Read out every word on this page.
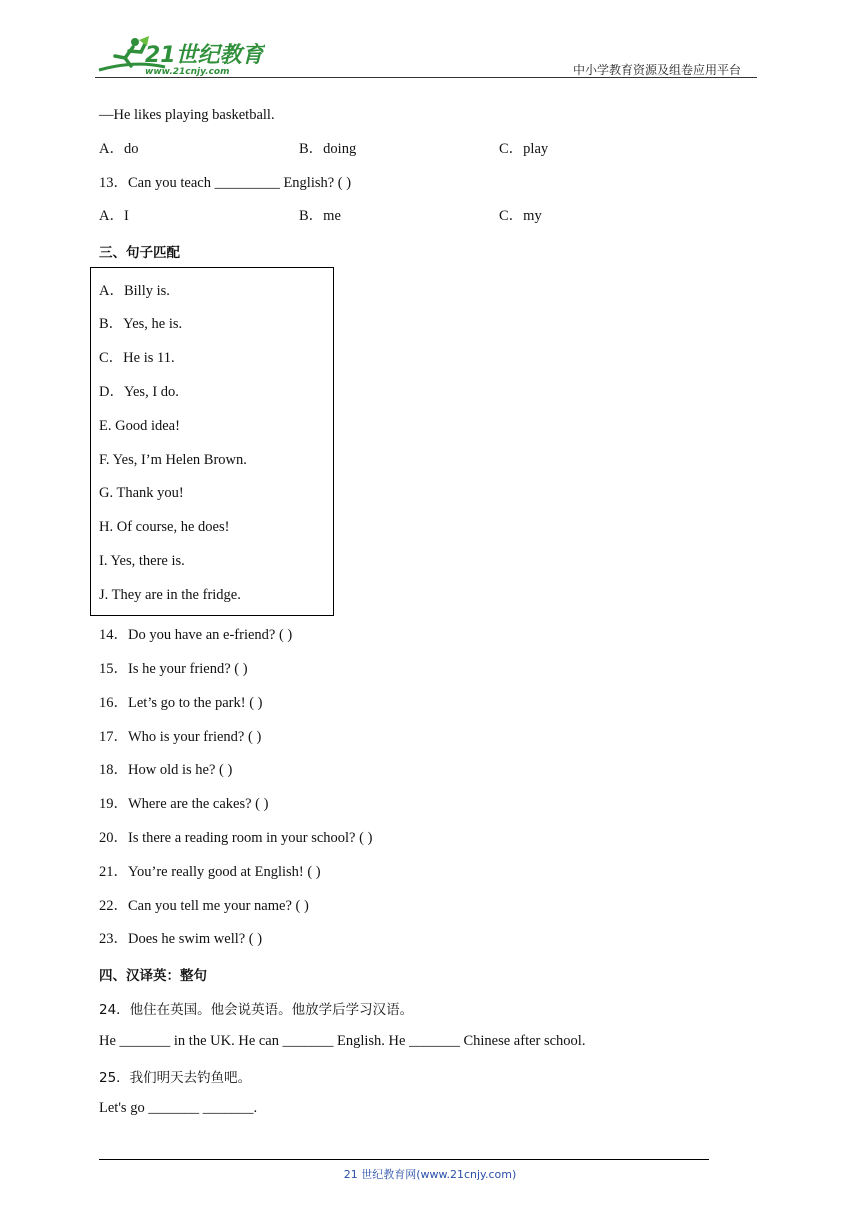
21世纪教育
www.21cnjy.com	中小学教育资源及组卷应用平台
—He likes playing basketball.
A．do	B．doing	C．play
13．Can you teach _________ English? ( )
A．I	B．me	C．my
三、句子匹配
A．Billy is.
B．Yes, he is.
C．He is 11.
D．Yes, I do.
E. Good idea!
F. Yes, I’m Helen Brown.
G. Thank you!
H. Of course, he does!
I. Yes, there is.
J. They are in the fridge.
14．Do you have an e-friend? ( )
15．Is he your friend? ( )
16．Let’s go to the park! ( )
17．Who is your friend? ( )
18．How old is he? ( )
19．Where are the cakes? ( )
20．Is there a reading room in your school? ( )
21．You’re really good at English! ( )
22．Can you tell me your name? ( )
23．Does he swim well? ( )
四、汉译英：整句
24．他住在英国。他会说英语。他放学后学习汉语。
He _______ in the UK. He can _______ English. He _______ Chinese after school.
25．我们明天去钓鱼吧。
Let's go _______ _______.
21 世纪教育网(www.21cnjy.com)
